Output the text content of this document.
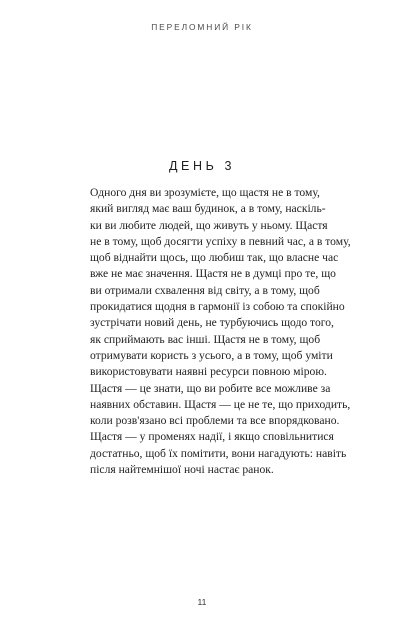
ПЕРЕЛОМНИЙ РІК
ДЕНЬ 3
Одного дня ви зрозумієте, що щастя не в тому,
який вигляд має ваш будинок, а в тому, наскіль-
ки ви любите людей, що живуть у ньому. Щастя
не в тому, щоб досягти успіху в певний час, а в тому,
щоб віднайти щось, що любиш так, що власне час
вже не має значення. Щастя не в думці про те, що
ви отримали схвалення від світу, а в тому, щоб
прокидатися щодня в гармонії із собою та спокійно
зустрічати новий день, не турбуючись щодо того,
як сприймають вас інші. Щастя не в тому, щоб
отримувати користь з усього, а в тому, щоб уміти
використовувати наявні ресурси повною мірою.
Щастя — це знати, що ви робите все можливе за
наявних обставин. Щастя — це не те, що приходить,
коли розв'язано всі проблеми та все впорядковано.
Щастя — у променях надії, і якщо сповільнитися
достатньо, щоб їх помітити, вони нагадують: навіть
після найтемнішої ночі настає ранок.
11
